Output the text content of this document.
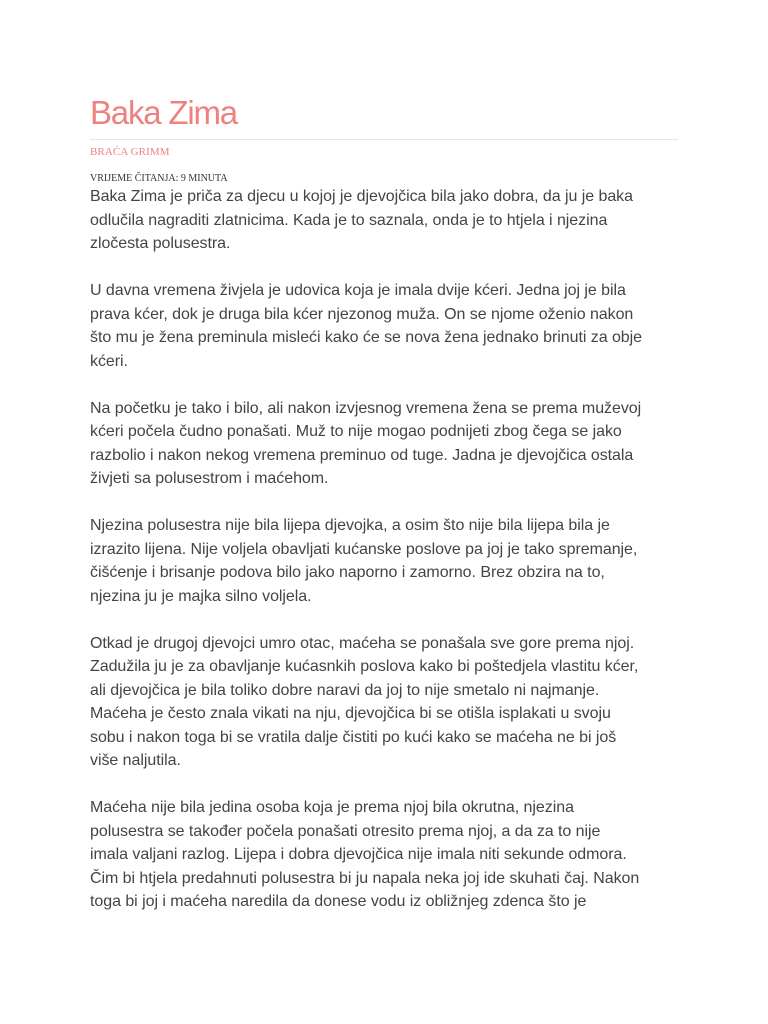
Baka Zima
BRAĆA GRIMM
VRIJEME ČITANJA: 9 MINUTA

Baka Zima je priča za djecu u kojoj je djevojčica bila jako dobra, da ju je baka
odlučila nagraditi zlatnicima. Kada je to saznala, onda je to htjela i njezina
zločesta polusestra.

U davna vremena živjela je udovica koja je imala dvije kćeri. Jedna joj je bila
prava kćer, dok je druga bila kćer njezonog muža. On se njome oženio nakon
što mu je žena preminula misleći kako će se nova žena jednako brinuti za obje
kćeri.

Na početku je tako i bilo, ali nakon izvjesnog vremena žena se prema muževoj
kćeri počela čudno ponašati. Muž to nije mogao podnijeti zbog čega se jako
razbolio i nakon nekog vremena preminuo od tuge. Jadna je djevojčica ostala
živjeti sa polusestrom i maćehom.

Njezina polusestra nije bila lijepa djevojka, a osim što nije bila lijepa bila je
izrazito lijena. Nije voljela obavljati kućanske poslove pa joj je tako spremanje,
čišćenje i brisanje podova bilo jako naporno i zamorno. Brez obzira na to,
njezina ju je majka silno voljela.

Otkad je drugoj djevojci umro otac, maćeha se ponašala sve gore prema njoj.
Zadužila ju je za obavljanje kućasnkih poslova kako bi poštedjela vlastitu kćer,
ali djevojčica je bila toliko dobre naravi da joj to nije smetalo ni najmanje.
Maćeha je često znala vikati na nju, djevojčica bi se otišla isplakati u svoju
sobu i nakon toga bi se vratila dalje čistiti po kući kako se maćeha ne bi još
više naljutila.

Maćeha nije bila jedina osoba koja je prema njoj bila okrutna, njezina
polusestra se također počela ponašati otresito prema njoj, a da za to nije
imala valjani razlog. Lijepa i dobra djevojčica nije imala niti sekunde odmora.
Čim bi htjela predahnuti polusestra bi ju napala neka joj ide skuhati čaj. Nakon
toga bi joj i maćeha naredila da donese vodu iz obližnjeg zdenca što je
